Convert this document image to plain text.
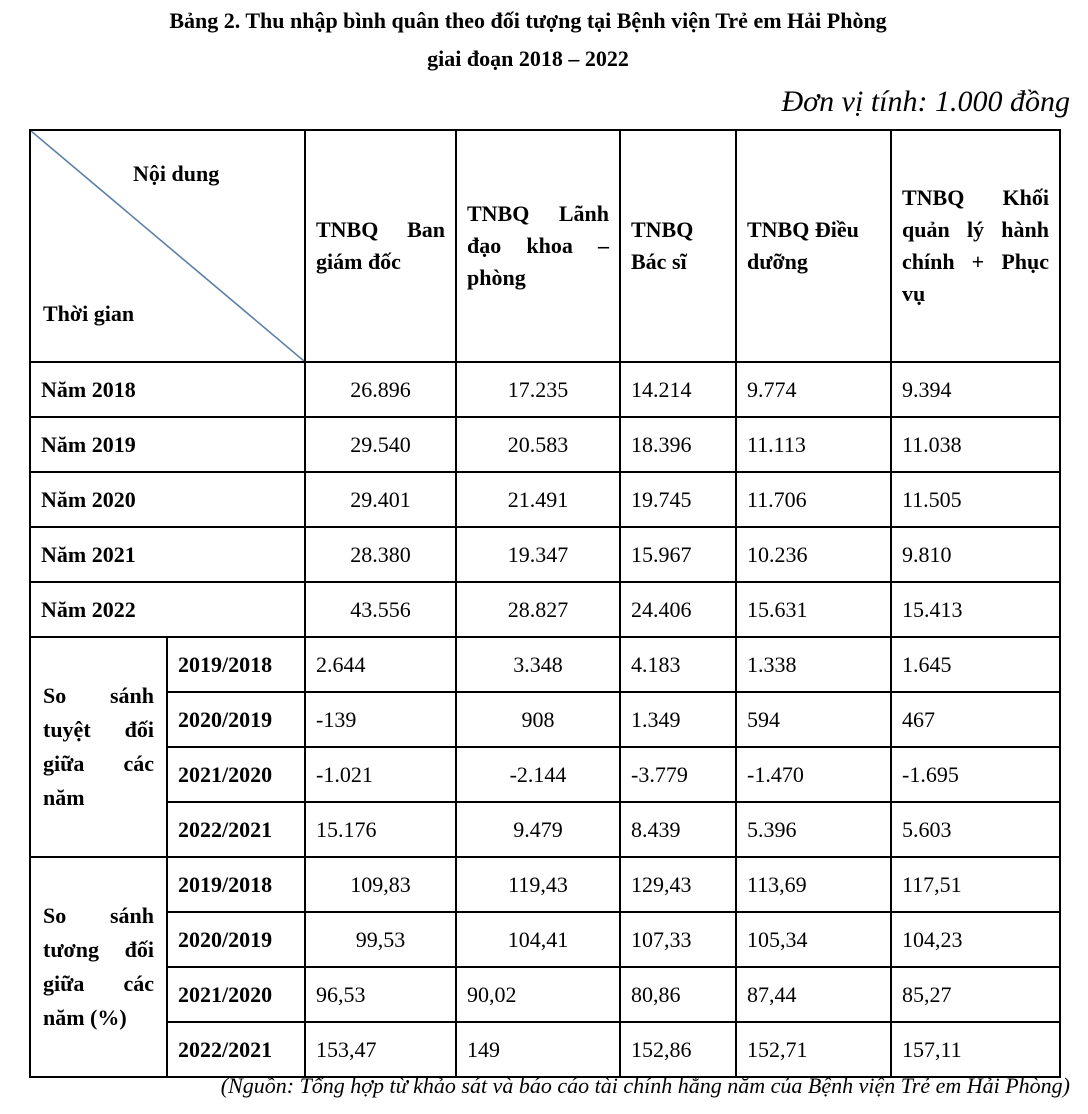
Bảng 2. Thu nhập bình quân theo đối tượng tại Bệnh viện Trẻ em Hải Phòng
giai đoạn 2018 – 2022
Đơn vị tính: 1.000 đồng
Nội dung
Thời gian		TNBQ Ban giám đốc	TNBQ Lãnh đạo khoa – phòng	TNBQ Bác sĩ	TNBQ Điều dưỡng	TNBQ Khối quản lý hành chính + Phục vụ
Năm 2018		26.896	17.235	14.214	9.774	9.394
Năm 2019		29.540	20.583	18.396	11.113	11.038
Năm 2020		29.401	21.491	19.745	11.706	11.505
Năm 2021		28.380	19.347	15.967	10.236	9.810
Năm 2022		43.556	28.827	24.406	15.631	15.413
So sánh tuyệt đối giữa các năm	2019/2018	2.644	3.348	4.183	1.338	1.645
	2020/2019	-139	908	1.349	594	467
	2021/2020	-1.021	-2.144	-3.779	-1.470	-1.695
	2022/2021	15.176	9.479	8.439	5.396	5.603
So sánh tương đối giữa các năm (%)	2019/2018	109,83	119,43	129,43	113,69	117,51
	2020/2019	99,53	104,41	107,33	105,34	104,23
	2021/2020	96,53	90,02	80,86	87,44	85,27
	2022/2021	153,47	149	152,86	152,71	157,11
(Nguồn: Tổng hợp từ khảo sát và báo cáo tài chính hằng năm của Bệnh viện Trẻ em Hải Phòng)
